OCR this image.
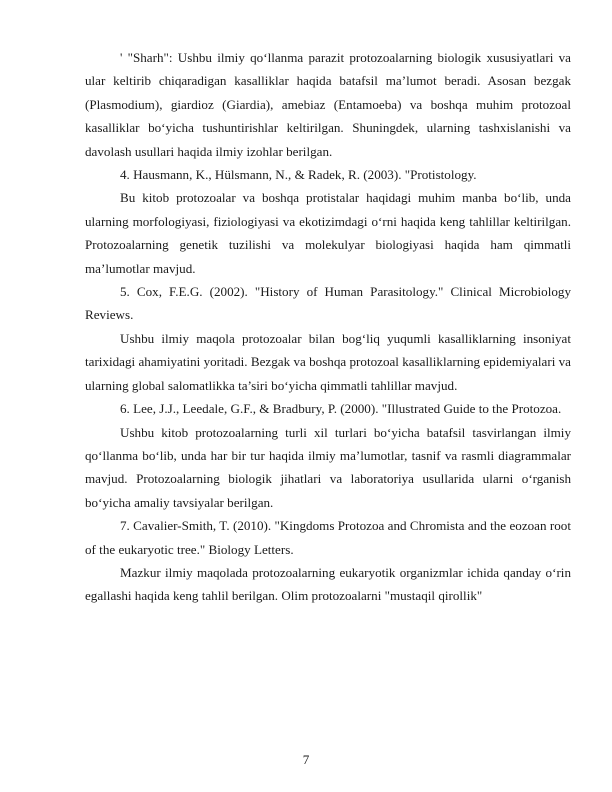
' "Sharh": Ushbu ilmiy qo‘llanma parazit protozoalarning biologik xususiyatlari va ular keltirib chiqaradigan kasalliklar haqida batafsil ma’lumot beradi. Asosan bezgak (Plasmodium), giardioz (Giardia), amebiaz (Entamoeba) va boshqa muhim protozoal kasalliklar bo‘yicha tushuntirishlar keltirilgan. Shuningdek, ularning tashxislanishi va davolash usullari haqida ilmiy izohlar berilgan.

4. Hausmann, K., Hülsmann, N., & Radek, R. (2003). "Protistology.

Bu kitob protozoalar va boshqa protistalar haqidagi muhim manba bo‘lib, unda ularning morfologiyasi, fiziologiyasi va ekotizimdagi o‘rni haqida keng tahlillar keltirilgan. Protozoalarning genetik tuzilishi va molekulyar biologiyasi haqida ham qimmatli ma’lumotlar mavjud.

5. Cox, F.E.G. (2002). "History of Human Parasitology." Clinical Microbiology Reviews.

Ushbu ilmiy maqola protozoalar bilan bog‘liq yuqumli kasalliklarning insoniyat tarixidagi ahamiyatini yoritadi. Bezgak va boshqa protozoal kasalliklarning epidemiyalari va ularning global salomatlikka ta’siri bo‘yicha qimmatli tahlillar mavjud.

6. Lee, J.J., Leedale, G.F., & Bradbury, P. (2000). "Illustrated Guide to the Protozoa.

Ushbu kitob protozoalarning turli xil turlari bo‘yicha batafsil tasvirlangan ilmiy qo‘llanma bo‘lib, unda har bir tur haqida ilmiy ma’lumotlar, tasnif va rasmli diagrammalar mavjud. Protozoalarning biologik jihatlari va laboratoriya usullarida ularni o‘rganish bo‘yicha amaliy tavsiyalar berilgan.

7. Cavalier-Smith, T. (2010). "Kingdoms Protozoa and Chromista and the eozoan root of the eukaryotic tree." Biology Letters.

Mazkur ilmiy maqolada protozoalarning eukaryotik organizmlar ichida qanday o‘rin egallashi haqida keng tahlil berilgan. Olim protozoalarni "mustaqil qirollik"

7
